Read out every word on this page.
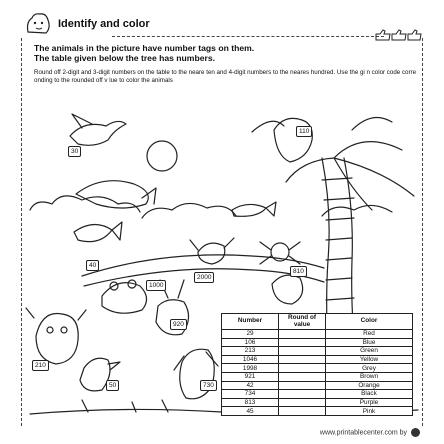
Identify and color
The animals in the picture have number tags on them.
The table given below the tree has numbers.
Round off 2-digit and 3-digit numbers on the table to the neare ten and 4-digit numbers to the neares hundred. Use the gi n color code corre onding to the rounded off v lue to color the animals
30
110
40
2000
810
1000
920
210
50	730
Number	Round of value	Color
29		Red
106		Blue
213		Green
1046		Yellow
1998		Grey
921		Brown
42		Orange
734		Black
813		Purple
45		Pink
www.printablecenter.com by
